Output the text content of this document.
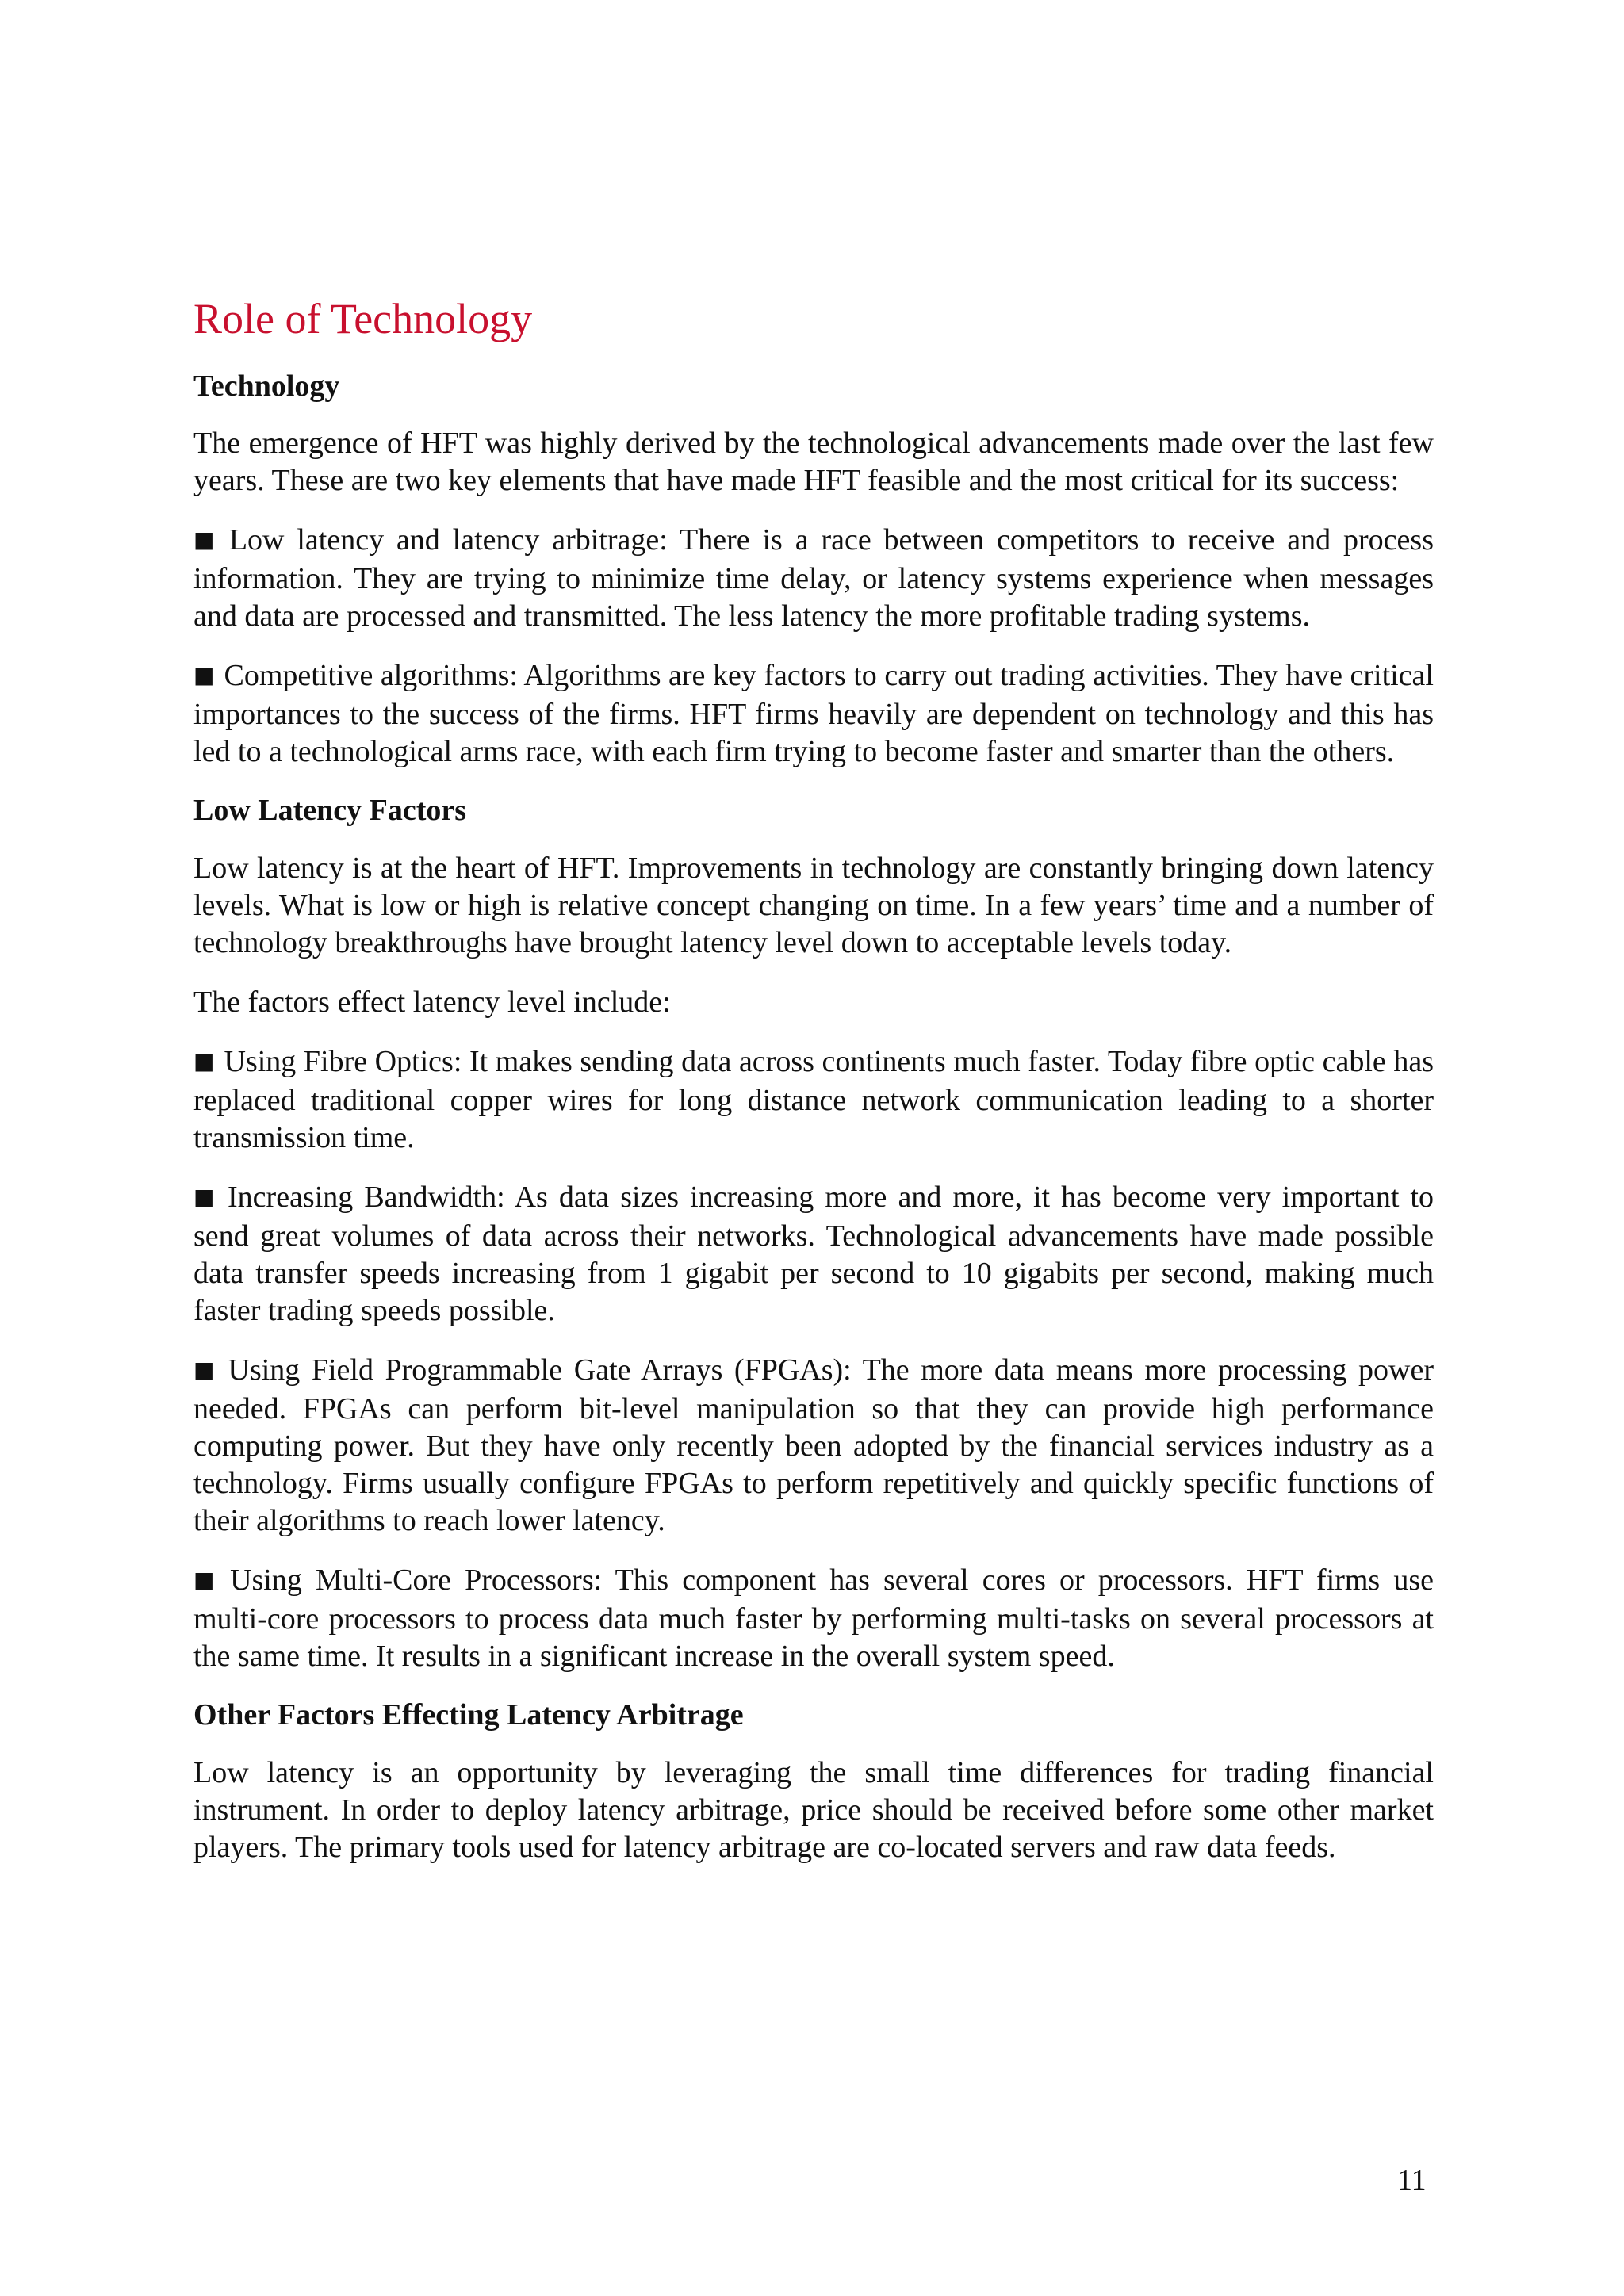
Role of Technology
Technology

The emergence of HFT was highly derived by the technological advancements made over the last few years. These are two key elements that have made HFT feasible and the most critical for its success:

■ Low latency and latency arbitrage: There is a race between competitors to receive and process information. They are trying to minimize time delay, or latency systems experience when messages and data are processed and transmitted. The less latency the more profitable trading systems.

■ Competitive algorithms: Algorithms are key factors to carry out trading activities. They have critical importances to the success of the firms. HFT firms heavily are dependent on technology and this has led to a technological arms race, with each firm trying to become faster and smarter than the others.

Low Latency Factors

Low latency is at the heart of HFT. Improvements in technology are constantly bringing down latency levels. What is low or high is relative concept changing on time. In a few years’ time and a number of technology breakthroughs have brought latency level down to acceptable levels today.

The factors effect latency level include:

■ Using Fibre Optics: It makes sending data across continents much faster. Today fibre optic cable has replaced traditional copper wires for long distance network communication leading to a shorter transmission time.

■ Increasing Bandwidth: As data sizes increasing more and more, it has become very important to send great volumes of data across their networks. Technological advancements have made possible data transfer speeds increasing from 1 gigabit per second to 10 gigabits per second, making much faster trading speeds possible.

■ Using Field Programmable Gate Arrays (FPGAs): The more data means more processing power needed. FPGAs can perform bit-level manipulation so that they can provide high performance computing power. But they have only recently been adopted by the financial services industry as a technology. Firms usually configure FPGAs to perform repetitively and quickly specific functions of their algorithms to reach lower latency.

■ Using Multi-Core Processors: This component has several cores or processors. HFT firms use multi-core processors to process data much faster by performing multi-tasks on several processors at the same time. It results in a significant increase in the overall system speed.

Other Factors Effecting Latency Arbitrage

Low latency is an opportunity by leveraging the small time differences for trading financial instrument. In order to deploy latency arbitrage, price should be received before some other market players. The primary tools used for latency arbitrage are co-located servers and raw data feeds.

11
